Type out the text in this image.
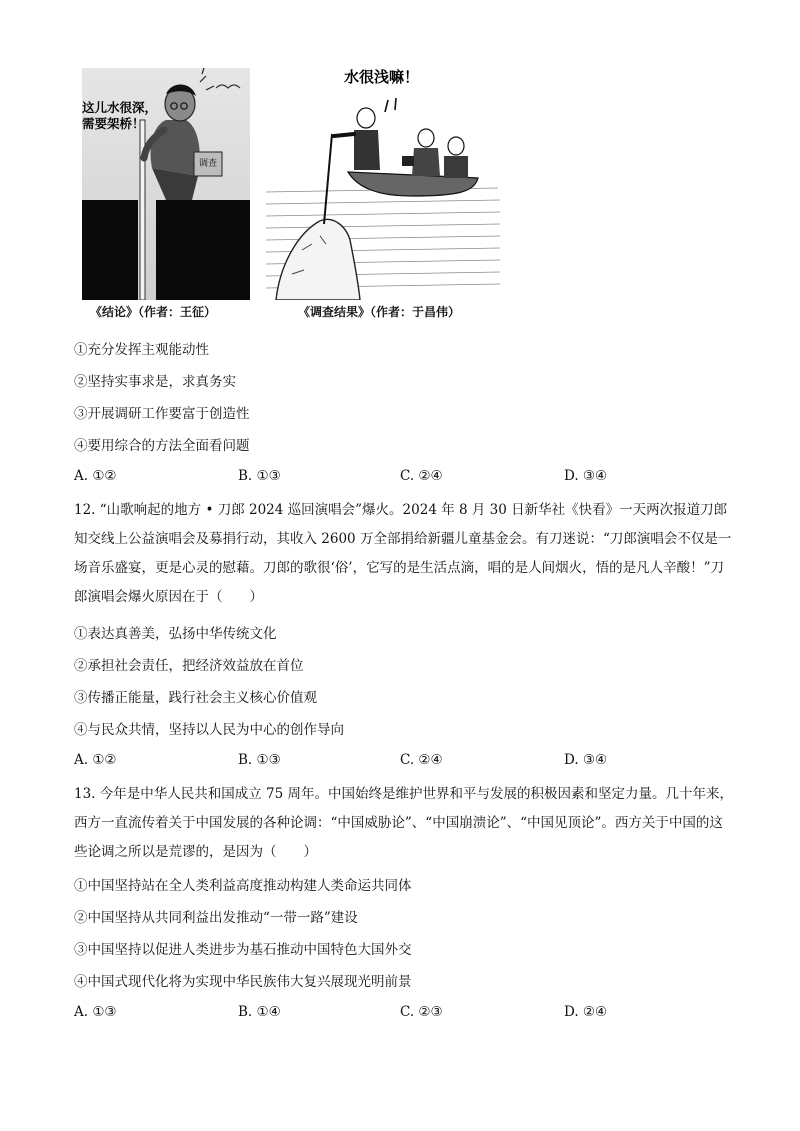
这儿水很深，
需要架桥！
调查
《结论》（作者：王征）
水很浅嘛！
《调查结果》（作者：于昌伟）
①充分发挥主观能动性
②坚持实事求是，求真务实
③开展调研工作要富于创造性
④要用综合的方法全面看问题
A. ①②	B. ①③	C. ②④	D. ③④
12. “山歌响起的地方 • 刀郎 2024 巡回演唱会”爆火。2024 年 8 月 30 日新华社《快看》一天两次报道刀郎知交线上公益演唱会及募捐行动，其收入 2600 万全部捐给新疆儿童基金会。有刀迷说：“刀郎演唱会不仅是一场音乐盛宴，更是心灵的慰藉。刀郎的歌很‘俗’，它写的是生活点滴，唱的是人间烟火，悟的是凡人辛酸！”刀郎演唱会爆火原因在于（　　）
①表达真善美，弘扬中华传统文化
②承担社会责任，把经济效益放在首位
③传播正能量，践行社会主义核心价值观
④与民众共情，坚持以人民为中心的创作导向
A. ①②	B. ①③	C. ②④	D. ③④
13. 今年是中华人民共和国成立 75 周年。中国始终是维护世界和平与发展的积极因素和坚定力量。几十年来，西方一直流传着关于中国发展的各种论调：“中国威胁论”、“中国崩溃论”、“中国见顶论”。西方关于中国的这些论调之所以是荒谬的，是因为（　　）
①中国坚持站在全人类利益高度推动构建人类命运共同体
②中国坚持从共同利益出发推动“一带一路”建设
③中国坚持以促进人类进步为基石推动中国特色大国外交
④中国式现代化将为实现中华民族伟大复兴展现光明前景
A. ①③	B. ①④	C. ②③	D. ②④
